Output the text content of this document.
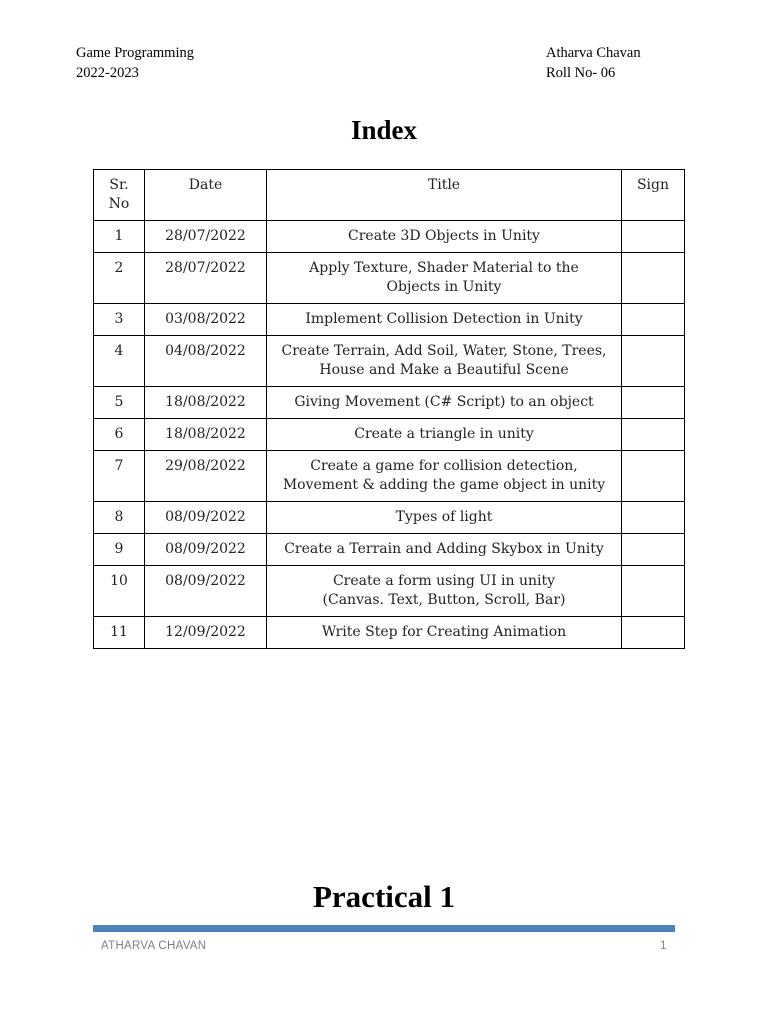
Game Programming
2022-2023
Atharva Chavan
Roll No- 06
Index
Sr.
No	Date	Title	Sign
1	28/07/2022	Create 3D Objects in Unity	

2	28/07/2022	Apply Texture, Shader Material to the
Objects in Unity	

3	03/08/2022	Implement Collision Detection in Unity	

4	04/08/2022	Create Terrain, Add Soil, Water, Stone, Trees,
House and Make a Beautiful Scene	

5	18/08/2022	Giving Movement (C# Script) to an object	

6	18/08/2022	Create a triangle in unity	

7	29/08/2022	Create a game for collision detection,
Movement & adding the game object in unity	

8	08/09/2022	Types of light	

9	08/09/2022	Create a Terrain and Adding Skybox in Unity	

10	08/09/2022	Create a form using UI in unity
(Canvas. Text, Button, Scroll, Bar)	

11	12/09/2022	Write Step for Creating Animation	

Practical 1
ATHARVA CHAVAN	1
